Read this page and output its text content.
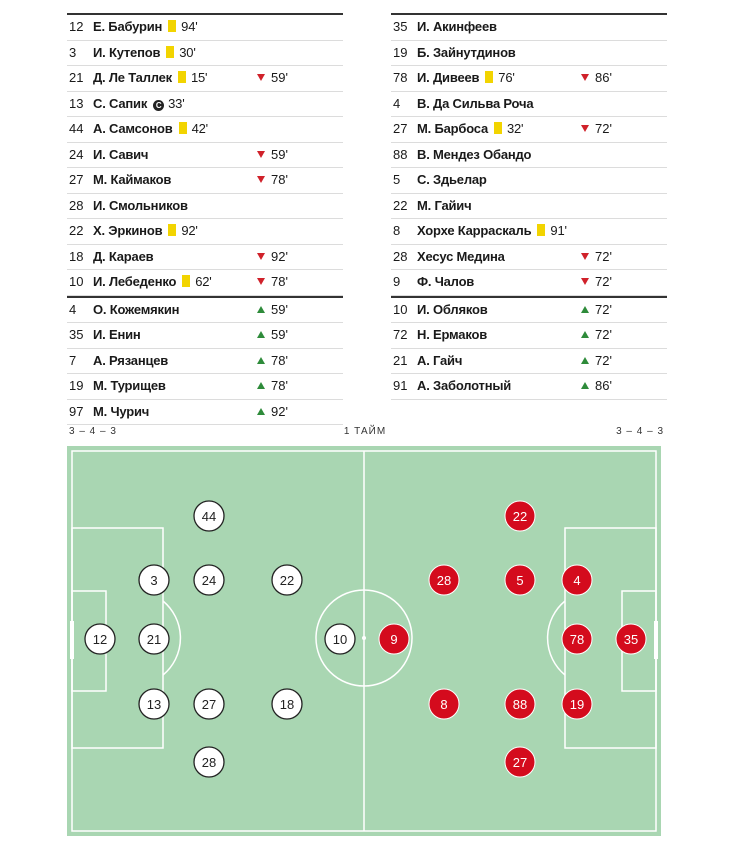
12 Е. Бабурин 94'
3 И. Кутепов 30'
21 Д. Ле Таллек 15'	59'
13 С. Сапик C 33'
44 А. Самсонов 42'
24 И. Савич	59'
27 М. Каймаков	78'
28 И. Смольников
22 Х. Эркинов 92'
18 Д. Караев	92'
10 И. Лебеденко 62'	78'
4 О. Кожемякин	59'
35 И. Енин	59'
7 А. Рязанцев	78'
19 М. Турищев	78'
97 М. Чурич	92'
35 И. Акинфеев
19 Б. Зайнутдинов
78 И. Дивеев 76'	86'
4 В. Да Сильва Роча
27 М. Барбоса 32'	72'
88 В. Мендез Обандо
5 С. Здьелар
22 М. Гайич
8 Хорхе Карраскаль 91'
28 Хесус Медина	72'
9 Ф. Чалов	72'
10 И. Обляков	72'
72 Н. Ермаков	72'
21 А. Гайч	72'
91 А. Заболотный	86'
3 – 4 – 3	1 ТАЙМ	3 – 4 – 3
44
3	24	22
12	21	10
13	27	18
28
22
28	5	4
9	78	35
8	88	19
27
